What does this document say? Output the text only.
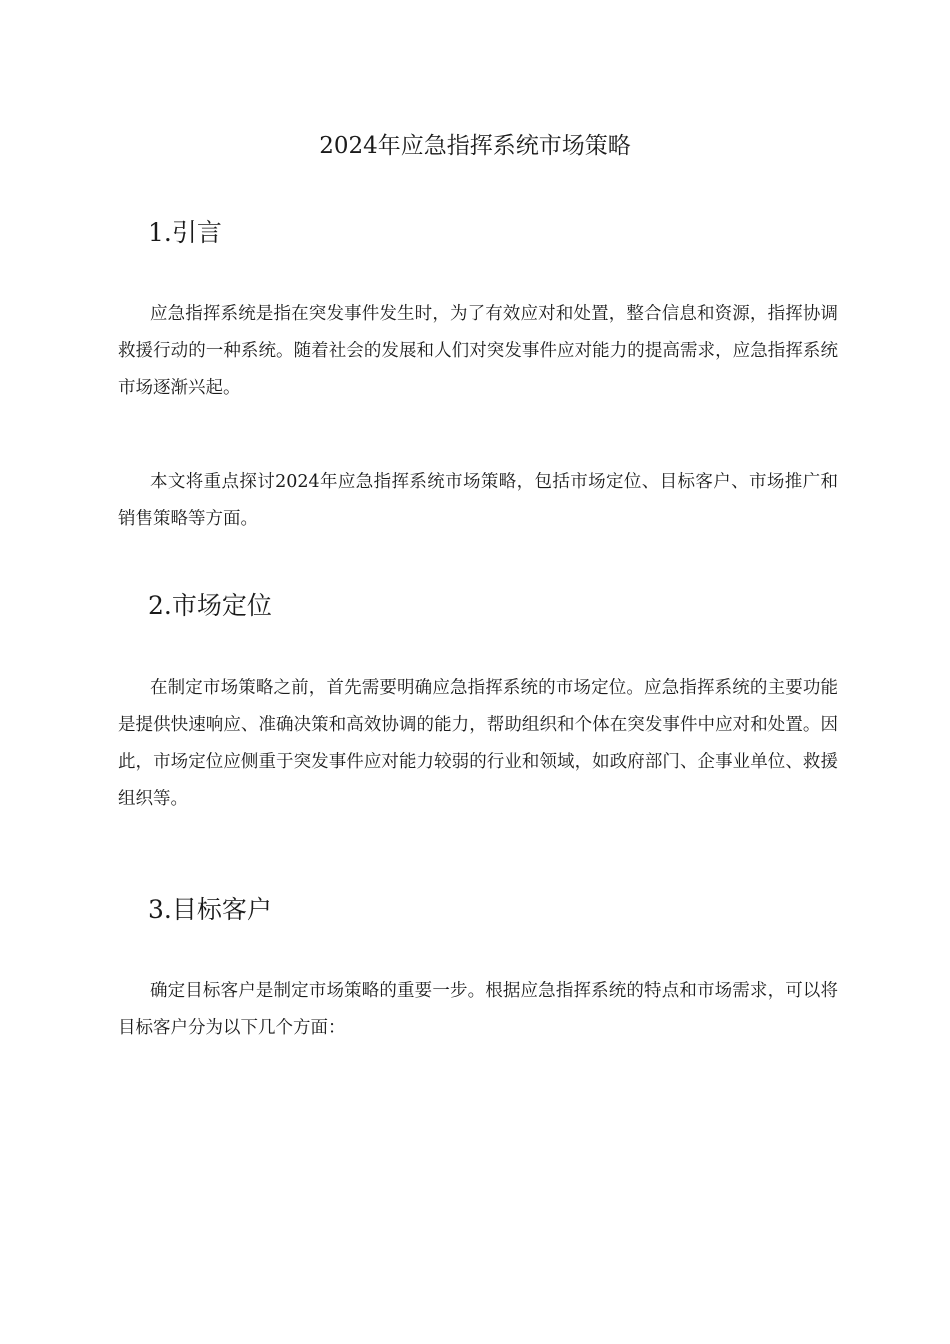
2024年应急指挥系统市场策略
1.引言

应急指挥系统是指在突发事件发生时，为了有效应对和处置，整合信息和资源，指挥协调救援行动的一种系统。随着社会的发展和人们对突发事件应对能力的提高需求，应急指挥系统市场逐渐兴起。

本文将重点探讨2024年应急指挥系统市场策略，包括市场定位、目标客户、市场推广和销售策略等方面。

2.市场定位

在制定市场策略之前，首先需要明确应急指挥系统的市场定位。应急指挥系统的主要功能是提供快速响应、准确决策和高效协调的能力，帮助组织和个体在突发事件中应对和处置。因此，市场定位应侧重于突发事件应对能力较弱的行业和领域，如政府部门、企事业单位、救援组织等。

3.目标客户

确定目标客户是制定市场策略的重要一步。根据应急指挥系统的特点和市场需求，可以将目标客户分为以下几个方面：
